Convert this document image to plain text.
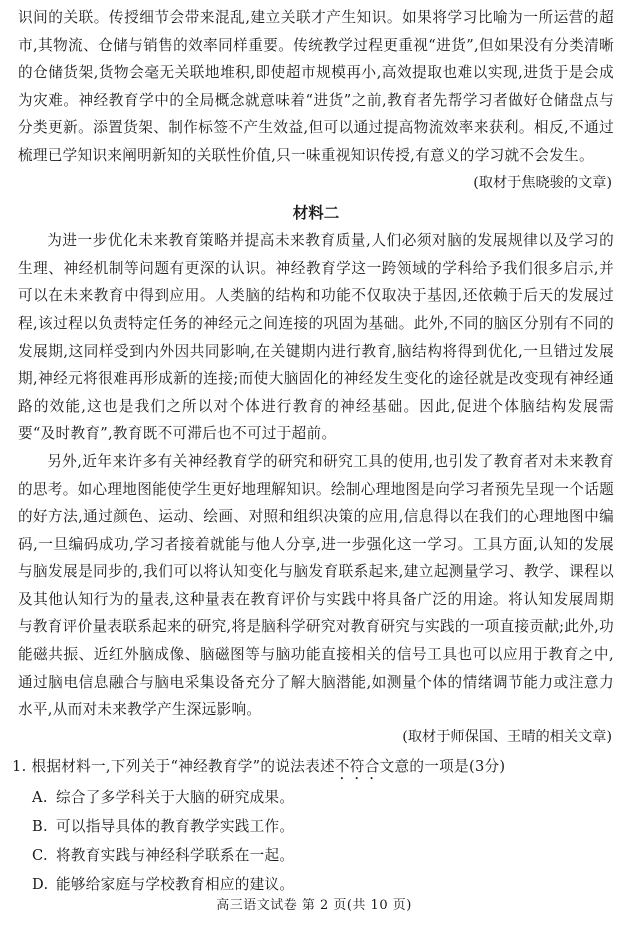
识间的关联。传授细节会带来混乱,建立关联才产生知识。如果将学习比喻为一所运营的超市,其物流、仓储与销售的效率同样重要。传统教学过程更重视“进货”,但如果没有分类清晰的仓储货架,货物会毫无关联地堆积,即使超市规模再小,高效提取也难以实现,进货于是会成为灾难。神经教育学中的全局概念就意味着“进货”之前,教育者先帮学习者做好仓储盘点与分类更新。添置货架、制作标签不产生效益,但可以通过提高物流效率来获利。相反,不通过梳理已学知识来阐明新知的关联性价值,只一味重视知识传授,有意义的学习就不会发生。

(取材于焦晓骏的文章)

材料二

为进一步优化未来教育策略并提高未来教育质量,人们必须对脑的发展规律以及学习的生理、神经机制等问题有更深的认识。神经教育学这一跨领域的学科给予我们很多启示,并可以在未来教育中得到应用。人类脑的结构和功能不仅取决于基因,还依赖于后天的发展过程,该过程以负责特定任务的神经元之间连接的巩固为基础。此外,不同的脑区分别有不同的发展期,这同样受到内外因共同影响,在关键期内进行教育,脑结构将得到优化,一旦错过发展期,神经元将很难再形成新的连接;而使大脑固化的神经发生变化的途径就是改变现有神经通路的效能,这也是我们之所以对个体进行教育的神经基础。因此,促进个体脑结构发展需要“及时教育”,教育既不可滞后也不可过于超前。

另外,近年来许多有关神经教育学的研究和研究工具的使用,也引发了教育者对未来教育的思考。如心理地图能使学生更好地理解知识。绘制心理地图是向学习者预先呈现一个话题的好方法,通过颜色、运动、绘画、对照和组织决策的应用,信息得以在我们的心理地图中编码,一旦编码成功,学习者接着就能与他人分享,进一步强化这一学习。工具方面,认知的发展与脑发展是同步的,我们可以将认知变化与脑发育联系起来,建立起测量学习、教学、课程以及其他认知行为的量表,这种量表在教育评价与实践中将具备广泛的用途。将认知发展周期与教育评价量表联系起来的研究,将是脑科学研究对教育研究与实践的一项直接贡献;此外,功能磁共振、近红外脑成像、脑磁图等与脑功能直接相关的信号工具也可以应用于教育之中,通过脑电信息融合与脑电采集设备充分了解大脑潜能,如测量个体的情绪调节能力或注意力水平,从而对未来教学产生深远影响。

(取材于师保国、王晴的相关文章)

1. 根据材料一,下列关于“神经教育学”的说法表述不符合文意的一项是(3分)

A. 综合了多学科关于大脑的研究成果。

B. 可以指导具体的教育教学实践工作。

C. 将教育实践与神经科学联系在一起。

D. 能够给家庭与学校教育相应的建议。

高三语文试卷 第 2 页(共 10 页)
